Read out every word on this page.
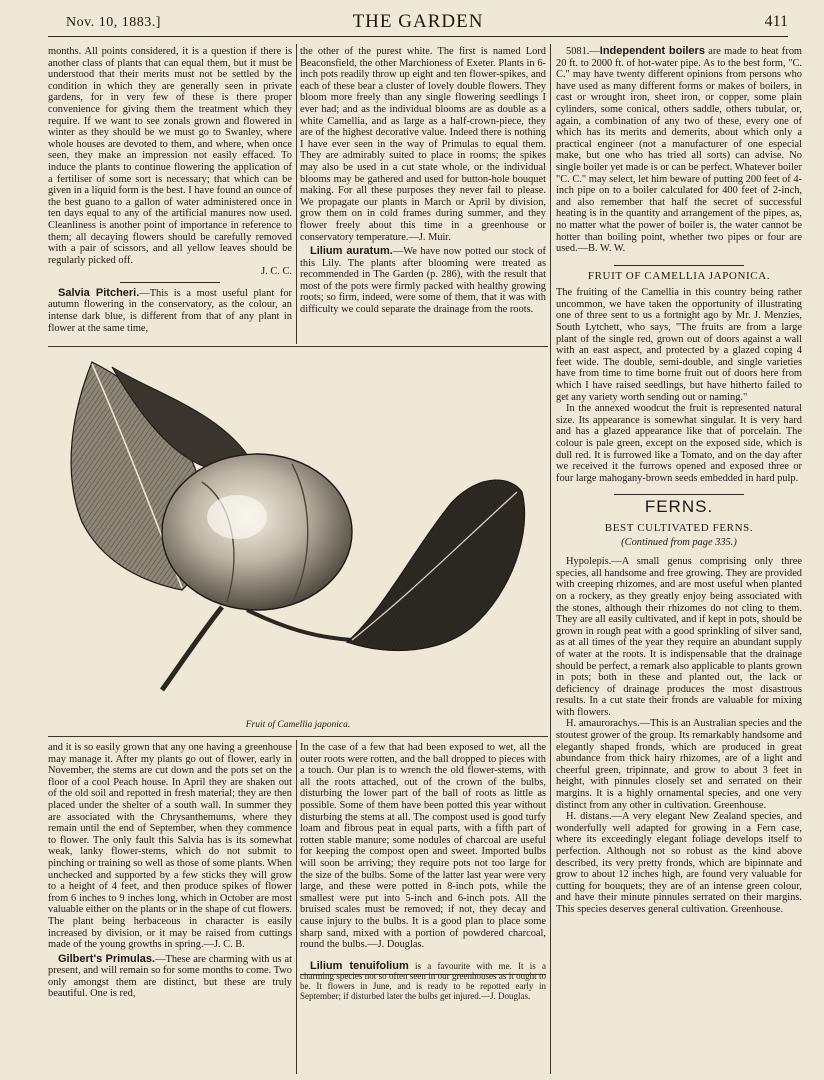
Nov. 10, 1883.]	THE GARDEN	411

months. All points considered, it is a question if there is another class of plants that can equal them, but it must be understood that their merits must not be settled by the condition in which they are generally seen in private gardens, for in very few of these is there proper convenience for giving them the treatment which they require. If we want to see zonals grown and flowered in winter as they should be we must go to Swanley, where whole houses are devoted to them, and where, when once seen, they make an impression not easily effaced. To induce the plants to continue flowering the application of a fertiliser of some sort is necessary; that which can be given in a liquid form is the best. I have found an ounce of the best guano to a gallon of water administered once in ten days equal to any of the artificial manures now used. Cleanliness is another point of importance in reference to them; all decaying flowers should be carefully removed with a pair of scissors, and all yellow leaves should be regularly picked off.

J. C. C.

Salvia Pitcheri.—This is a most useful plant for autumn flowering in the conservatory, as the colour, an intense dark blue, is different from that of any plant in flower at the same time,

the other of the purest white. The first is named Lord Beaconsfield, the other Marchioness of Exeter. Plants in 6-inch pots readily throw up eight and ten flower-spikes, and each of these bear a cluster of lovely double flowers. They bloom more freely than any single flowering seedlings I ever had; and as the individual blooms are as double as a white Camellia, and as large as a half-crown-piece, they are of the highest decorative value. Indeed there is nothing I have ever seen in the way of Primulas to equal them. They are admirably suited to place in rooms; the spikes may also be used in a cut state whole, or the individual blooms may be gathered and used for button-hole bouquet making. For all these purposes they never fail to please. We propagate our plants in March or April by division, grow them on in cold frames during summer, and they flower freely about this time in a greenhouse or conservatory temperature.—J. Muir.

Lilium auratum.—We have now potted our stock of this Lily. The plants after blooming were treated as recommended in The Garden (p. 286), with the result that most of the pots were firmly packed with healthy growing roots; so firm, indeed, were some of them, that it was with difficulty we could separate the drainage from the roots.

5081.—Independent boilers are made to heat from 20 ft. to 2000 ft. of hot-water pipe. As to the best form, "C. C." may have twenty different opinions from persons who have used as many different forms or makes of boilers, in cast or wrought iron, sheet iron, or copper, some plain cylinders, some conical, others saddle, others tubular, or, again, a combination of any two of these, every one of which has its merits and demerits, about which only a practical engineer (not a manufacturer of one especial make, but one who has tried all sorts) can advise. No single boiler yet made is or can be perfect. Whatever boiler "C. C." may select, let him beware of putting 200 feet of 4-inch pipe on to a boiler calculated for 400 feet of 2-inch, and also remember that half the secret of successful heating is in the quantity and arrangement of the pipes, as, no matter what the power of boiler is, the water cannot be hotter than boiling point, whether two pipes or four are used.—B. W. W.

FRUIT OF CAMELLIA JAPONICA.

The fruiting of the Camellia in this country being rather uncommon, we have taken the opportunity of illustrating one of three sent to us a fortnight ago by Mr. J. Menzies, South Lytchett, who says, "The fruits are from a large plant of the single red, grown out of doors against a wall with an east aspect, and protected by a glazed coping 4 feet wide. The double, semi-double, and single varieties have from time to time borne fruit out of doors here from which I have raised seedlings, but have hitherto failed to get any variety worth sending out or naming."

In the annexed woodcut the fruit is represented natural size. Its appearance is somewhat singular. It is very hard and has a glazed appearance like that of porcelain. The colour is pale green, except on the exposed side, which is dull red. It is furrowed like a Tomato, and on the day after we received it the furrows opened and exposed three or four large mahogany-brown seeds embedded in hard pulp.

FERNS.
BEST CULTIVATED FERNS.
(Continued from page 335.)

Hypolepis.—A small genus comprising only three species, all handsome and free growing. They are provided with creeping rhizomes, and are most useful when planted on a rockery, as they greatly enjoy being associated with the stones, although their rhizomes do not cling to them. They are all easily cultivated, and if kept in pots, should be grown in rough peat with a good sprinkling of silver sand, as at all times of the year they require an abundant supply of water at the roots. It is indispensable that the drainage should be perfect, a remark also applicable to plants grown in pots; both in these and planted out, the lack or deficiency of drainage produces the most disastrous results. In a cut state their fronds are valuable for mixing with flowers.

H. amaurorachys.—This is an Australian species and the stoutest grower of the group. Its remarkably handsome and elegantly shaped fronds, which are produced in great abundance from thick hairy rhizomes, are of a light and cheerful green, tripinnate, and grow to about 3 feet in height, with pinnules closely set and serrated on their margins. It is a highly ornamental species, and one very distinct from any other in cultivation. Greenhouse.

H. distans.—A very elegant New Zealand species, and wonderfully well adapted for growing in a Fern case, where its exceedingly elegant foliage develops itself to perfection. Although not so robust as the kind above described, its very pretty fronds, which are bipinnate and grow to about 12 inches high, are found very valuable for cutting for bouquets; they are of an intense green colour, and have their minute pinnules serrated on their margins. This species deserves general cultivation. Greenhouse.

Fruit of Camellia japonica.

and it is so easily grown that any one having a greenhouse may manage it. After my plants go out of flower, early in November, the stems are cut down and the pots set on the floor of a cool Peach house. In April they are shaken out of the old soil and repotted in fresh material; they are then placed under the shelter of a south wall. In summer they are associated with the Chrysanthemums, where they remain until the end of September, when they commence to flower. The only fault this Salvia has is its somewhat weak, lanky flower-stems, which do not submit to pinching or training so well as those of some plants. When unchecked and supported by a few sticks they will grow to a height of 4 feet, and then produce spikes of flower from 6 inches to 9 inches long, which in October are most valuable either on the plants or in the shape of cut flowers. The plant being herbaceous in character is easily increased by division, or it may be raised from cuttings made of the young growths in spring.—J. C. B.

Gilbert's Primulas.—These are charming with us at present, and will remain so for some months to come. Two only amongst them are distinct, but these are truly beautiful. One is red,

In the case of a few that had been exposed to wet, all the outer roots were rotten, and the ball dropped to pieces with a touch. Our plan is to wrench the old flower-stems, with all the roots attached, out of the crown of the bulbs, disturbing the lower part of the ball of roots as little as possible. Some of them have been potted this year without disturbing the stems at all. The compost used is good turfy loam and fibrous peat in equal parts, with a fifth part of rotten stable manure; some nodules of charcoal are useful for keeping the compost open and sweet. Imported bulbs will soon be arriving; they require pots not too large for the size of the bulbs. Some of the latter last year were very large, and these were potted in 8-inch pots, while the smallest were put into 5-inch and 6-inch pots. All the bruised scales must be removed; if not, they decay and cause injury to the bulbs. It is a good plan to place some sharp sand, mixed with a portion of powdered charcoal, round the bulbs.—J. Douglas.

Lilium tenuifolium is a favourite with me. It is a charming species not so often seen in our greenhouses as it ought to be. It flowers in June, and is ready to be repotted early in September; if disturbed later the bulbs get injured.—J. Douglas.
